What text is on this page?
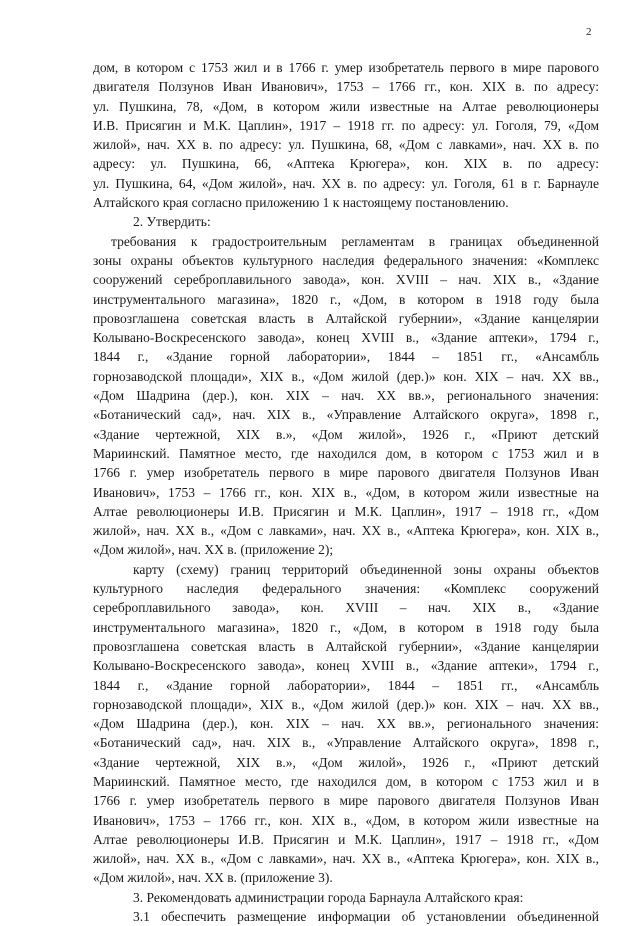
2
дом, в котором с 1753 жил и в 1766 г. умер изобретатель первого в мире парового
двигателя Ползунов Иван Иванович», 1753 – 1766 гг., кон. XIX в. по адресу:
ул. Пушкина, 78, «Дом, в котором жили известные на Алтае революционеры
И.В. Присягин и М.К. Цаплин», 1917 – 1918 гг. по адресу: ул. Гоголя, 79, «Дом
жилой», нач. XX в. по адресу: ул. Пушкина, 68, «Дом с лавками», нач. XX в. по
адресу: ул. Пушкина, 66, «Аптека Крюгера», кон. XIX в. по адресу:
ул. Пушкина, 64, «Дом жилой», нач. XX в. по адресу: ул. Гоголя, 61 в г. Барнауле
Алтайского края согласно приложению 1 к настоящему постановлению.
2. Утвердить:
требования к градостроительным регламентам в границах объединенной
зоны охраны объектов культурного наследия федерального значения: «Комплекс
сооружений сереброплавильного завода», кон. XVIII – нач. XIX в., «Здание
инструментального магазина», 1820 г., «Дом, в котором в 1918 году была
провозглашена советская власть в Алтайской губернии», «Здание канцелярии
Колывано-Воскресенского завода», конец XVIII в., «Здание аптеки», 1794 г.,
1844 г., «Здание горной лаборатории», 1844 – 1851 гг., «Ансамбль
горнозаводской площади», XIX в., «Дом жилой (дер.)» кон. XIX – нач. XX вв.,
«Дом Шадрина (дер.), кон. XIX – нач. XX вв.», регионального значения:
«Ботанический сад», нач. XIX в., «Управление Алтайского округа», 1898 г.,
«Здание чертежной, XIX в.», «Дом жилой», 1926 г., «Приют детский
Мариинский. Памятное место, где находился дом, в котором с 1753 жил и в
1766 г. умер изобретатель первого в мире парового двигателя Ползунов Иван
Иванович», 1753 – 1766 гг., кон. XIX в., «Дом, в котором жили известные на
Алтае революционеры И.В. Присягин и М.К. Цаплин», 1917 – 1918 гг., «Дом
жилой», нач. XX в., «Дом с лавками», нач. XX в., «Аптека Крюгера», кон. XIX в.,
«Дом жилой», нач. XX в. (приложение 2);
карту (схему) границ территорий объединенной зоны охраны объектов
культурного наследия федерального значения: «Комплекс сооружений
сереброплавильного завода», кон. XVIII – нач. XIX в., «Здание
инструментального магазина», 1820 г., «Дом, в котором в 1918 году была
провозглашена советская власть в Алтайской губернии», «Здание канцелярии
Колывано-Воскресенского завода», конец XVIII в., «Здание аптеки», 1794 г.,
1844 г., «Здание горной лаборатории», 1844 – 1851 гг., «Ансамбль
горнозаводской площади», XIX в., «Дом жилой (дер.)» кон. XIX – нач. XX вв.,
«Дом Шадрина (дер.), кон. XIX – нач. XX вв.», регионального значения:
«Ботанический сад», нач. XIX в., «Управление Алтайского округа», 1898 г.,
«Здание чертежной, XIX в.», «Дом жилой», 1926 г., «Приют детский
Мариинский. Памятное место, где находился дом, в котором с 1753 жил и в
1766 г. умер изобретатель первого в мире парового двигателя Ползунов Иван
Иванович», 1753 – 1766 гг., кон. XIX в., «Дом, в котором жили известные на
Алтае революционеры И.В. Присягин и М.К. Цаплин», 1917 – 1918 гг., «Дом
жилой», нач. XX в., «Дом с лавками», нач. XX в., «Аптека Крюгера», кон. XIX в.,
«Дом жилой», нач. XX в. (приложение 3).
3. Рекомендовать администрации города Барнаула Алтайского края:
3.1 обеспечить размещение информации об установлении объединенной
